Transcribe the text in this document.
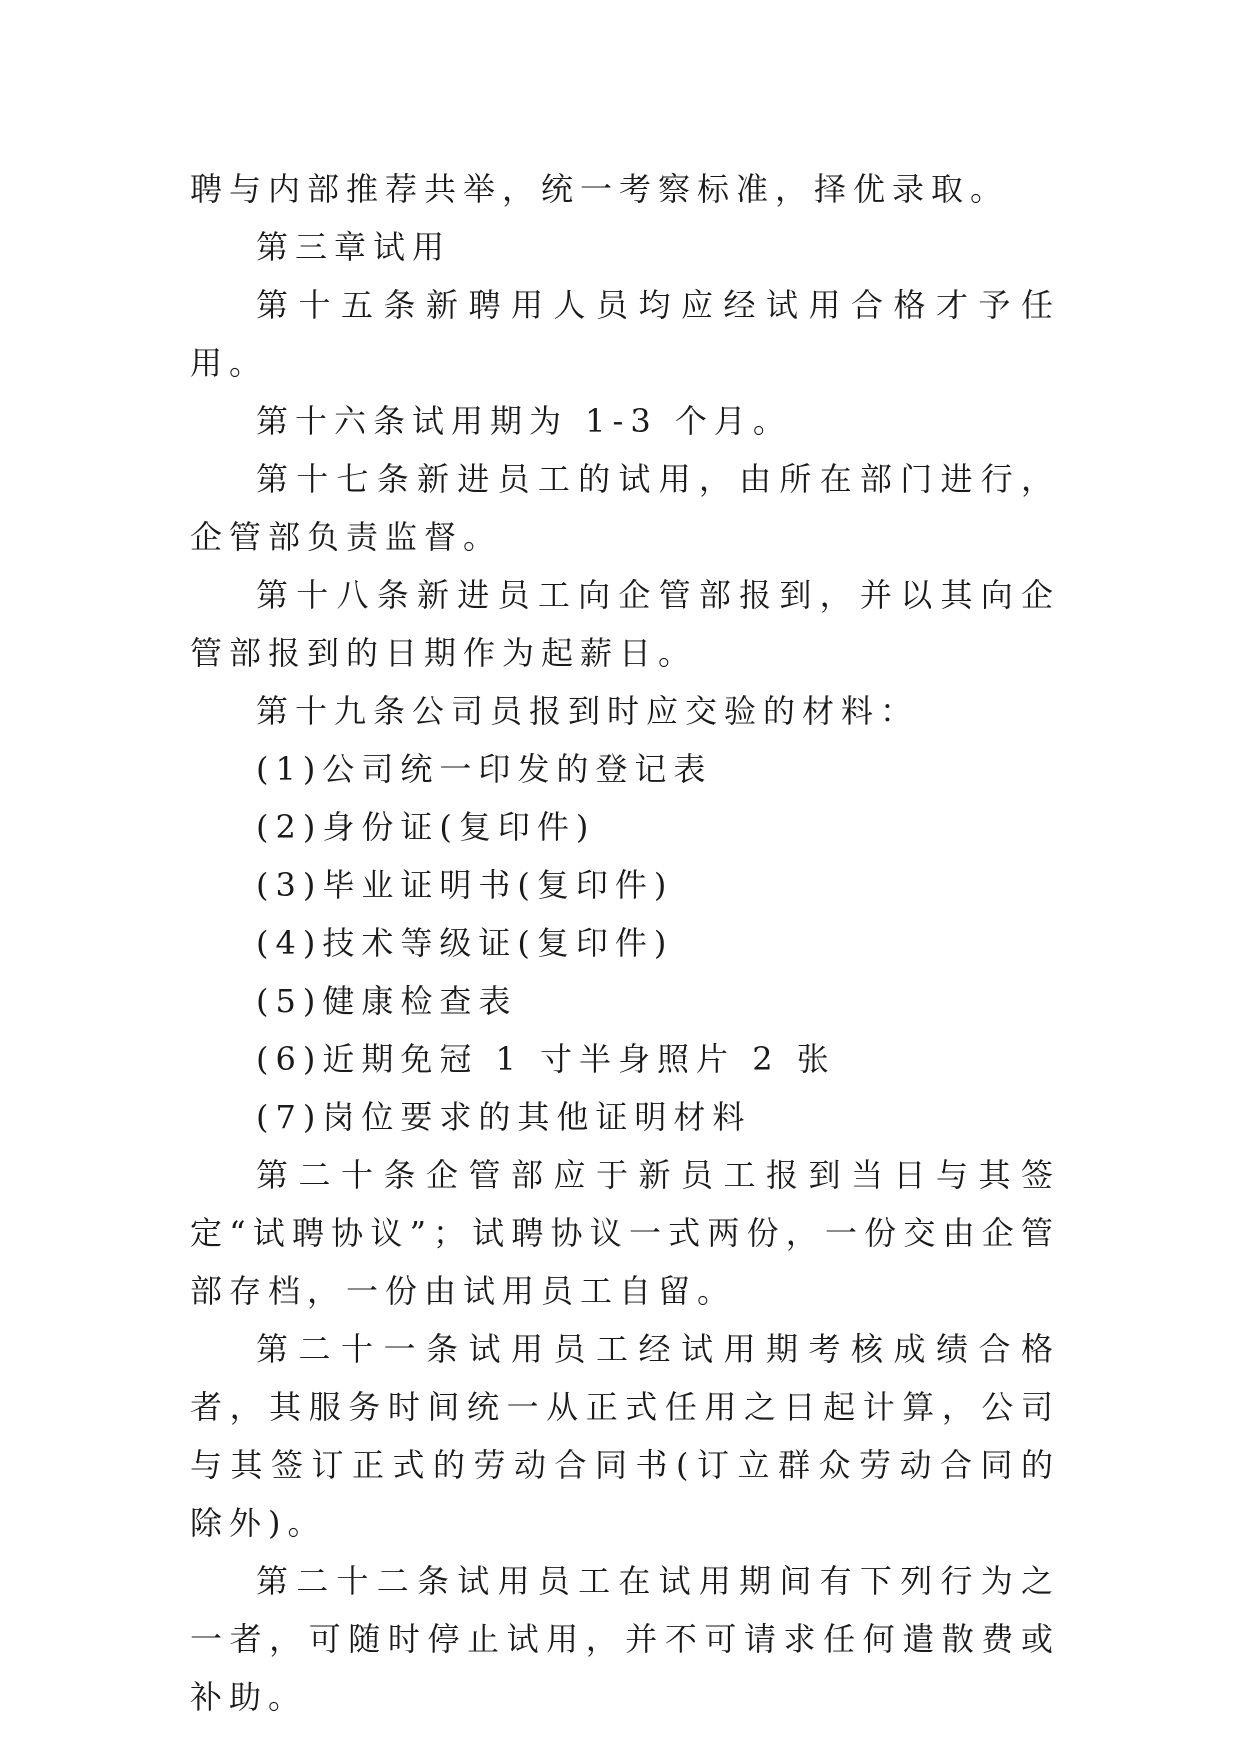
聘与内部推荐共举，统一考察标准，择优录取。

第三章试用

第十五条新聘用人员均应经试用合格才予任用。

第十六条试用期为 1-3 个月。

第十七条新进员工的试用，由所在部门进行，企管部负责监督。

第十八条新进员工向企管部报到，并以其向企管部报到的日期作为起薪日。

第十九条公司员报到时应交验的材料：

(1)公司统一印发的登记表

(2)身份证(复印件)

(3)毕业证明书(复印件)

(4)技术等级证(复印件)

(5)健康检查表

(6)近期免冠 1 寸半身照片 2 张

(7)岗位要求的其他证明材料

第二十条企管部应于新员工报到当日与其签定“试聘协议”；试聘协议一式两份，一份交由企管部存档，一份由试用员工自留。

第二十一条试用员工经试用期考核成绩合格者，其服务时间统一从正式任用之日起计算，公司与其签订正式的劳动合同书(订立群众劳动合同的除外)。

第二十二条试用员工在试用期间有下列行为之一者，可随时停止试用，并不可请求任何遣散费或补助。
